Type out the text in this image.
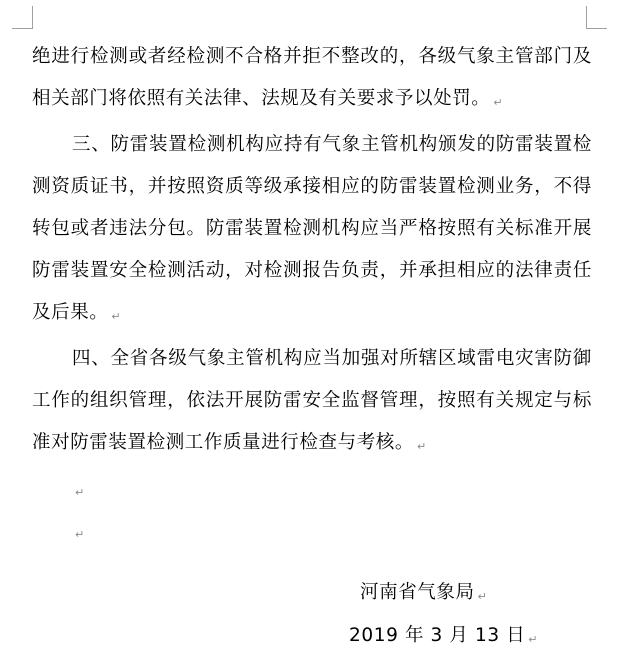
绝进行检测或者经检测不合格并拒不整改的，各级气象主管部门及相关部门将依照有关法律、法规及有关要求予以处罚。 ↵

三、防雷装置检测机构应持有气象主管机构颁发的防雷装置检测资质证书，并按照资质等级承接相应的防雷装置检测业务，不得转包或者违法分包。防雷装置检测机构应当严格按照有关标准开展防雷装置安全检测活动，对检测报告负责，并承担相应的法律责任及后果。 ↵

四、全省各级气象主管机构应当加强对所辖区域雷电灾害防御工作的组织管理，依法开展防雷安全监督管理，按照有关规定与标准对防雷装置检测工作质量进行检查与考核。 ↵

↵
↵
河南省气象局 ↵
2019 年 3 月 13 日 ↵
